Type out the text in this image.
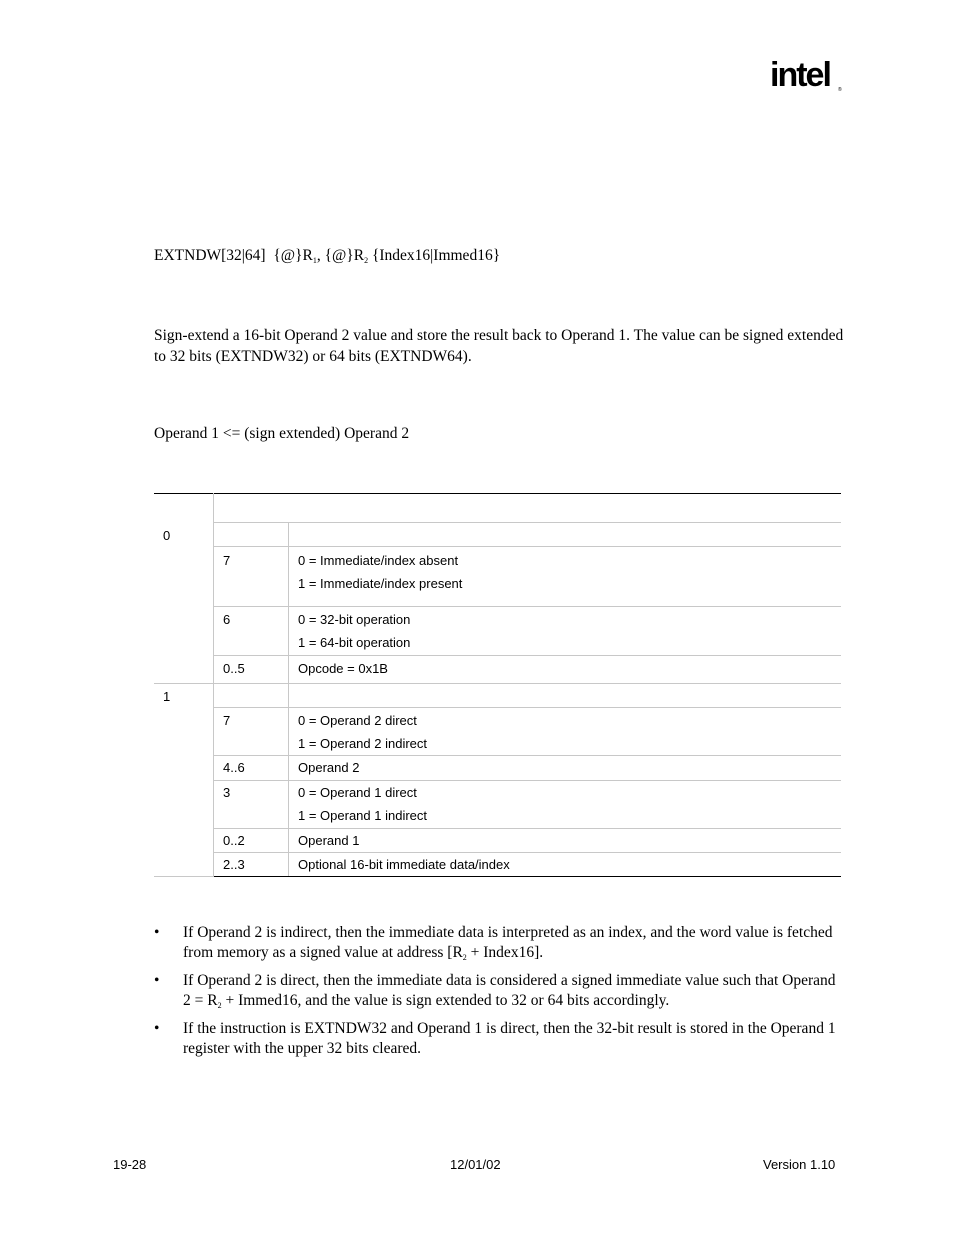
intel ®
EXTNDW[32|64] $\{@\}R_1$, $\{@\}R_2$ {Index16|Immed16}
Sign-extend a 16-bit Operand 2 value and store the result back to Operand 1. The value can be signed extended to 32 bits (EXTNDW32) or 64 bits (EXTNDW64).
Operand 1 <= (sign extended) Operand 2

0		
	7	0 = Immediate/index absent
1 = Immediate/index present

	6	0 = 32-bit operation
1 = 64-bit operation

	0..5	Opcode = 0x1B
1		
	7	0 = Operand 2 direct
1 = Operand 2 indirect

	4..6	Operand 2
	3	0 = Operand 1 direct
1 = Operand 1 indirect

	0..2	Operand 1
	2..3	Optional 16-bit immediate data/index
• If Operand 2 is indirect, then the immediate data is interpreted as an index, and the word value is fetched from memory as a signed value at address [$R_2$ + Index16].
• If Operand 2 is direct, then the immediate data is considered a signed immediate value such that Operand $2 = R_2$ + Immed16, and the value is sign extended to 32 or 64 bits accordingly.
• If the instruction is EXTNDW32 and Operand 1 is direct, then the 32-bit result is stored in the Operand 1 register with the upper 32 bits cleared.
19-28	12/01/02	Version 1.10
